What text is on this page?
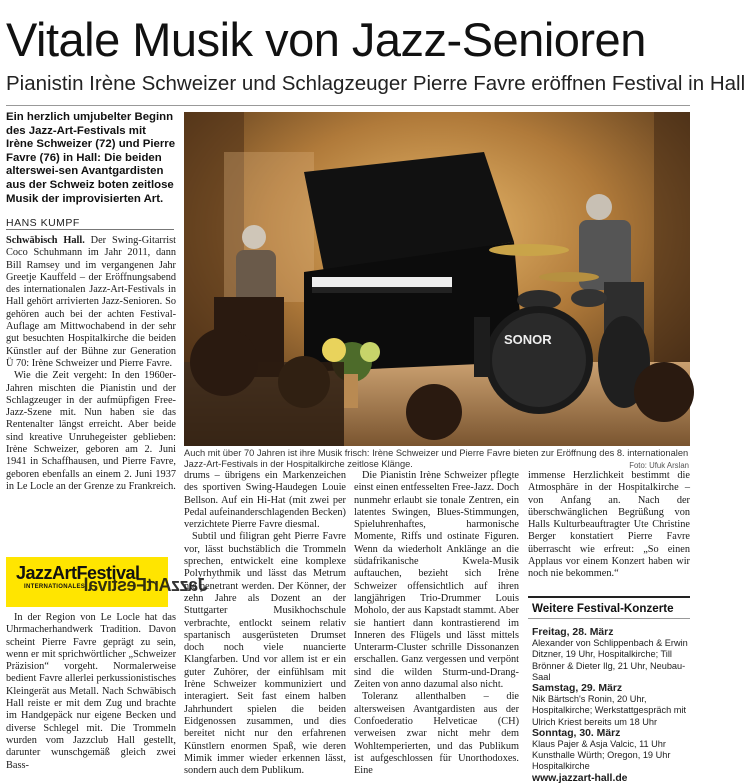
Vitale Musik von Jazz-Senioren
Pianistin Irène Schweizer und Schlagzeuger Pierre Favre eröffnen Festival in Hall

Ein herzlich umjubelter Beginn des Jazz-Art-Festivals mit Irène Schweizer (72) und Pierre Favre (76) in Hall: Die beiden alterswei-sen Avantgardisten aus der Schweiz boten zeitlose Musik der improvisierten Art.

HANS KUMPF

Schwäbisch Hall. Der Swing-Gitarrist Coco Schuhmann im Jahr 2011, dann Bill Ramsey und im vergangenen Jahr Greetje Kauffeld – der Eröffnungsabend des internationalen Jazz-Art-Festivals in Hall gehört arrivierten Jazz-Senioren. So gehören auch bei der achten Festival-Auflage am Mittwochabend in der sehr gut besuchten Hospitalkirche die beiden Künstler auf der Bühne zur Generation Ü 70: Irène Schweizer und Pierre Favre.

Wie die Zeit vergeht: In den 1960er-Jahren mischten die Pianistin und der Schlagzeuger in der aufmüpfigen Free-Jazz-Szene mit. Nun haben sie das Rentenalter längst erreicht. Aber beide sind kreative Unruhegeister geblieben: Irène Schweizer, geboren am 2. Juni 1941 in Schaffhausen, und Pierre Favre, geboren ebenfalls an einem 2. Juni 1937 in Le Locle an der Grenze zu Frankreich.

JazzArtFestival
JazzArtFestival
INTERNATIONALES

In der Region von Le Locle hat das Uhrmacherhandwerk Tradition. Davon scheint Pierre Favre geprägt zu sein, wenn er mit sprichwörtlicher „Schweizer Präzision“ vorgeht. Normalerweise bedient Favre allerlei perkussionistisches Kleingerät aus Metall. Nach Schwäbisch Hall reiste er mit dem Zug und brachte im Handgepäck nur eigene Becken und diverse Schlegel mit. Die Trommeln wurden vom Jazzclub Hall gestellt, darunter wunschgemäß gleich zwei Bass-

SONOR
Auch mit über 70 Jahren ist ihre Musik frisch: Irène Schweizer und Pierre Favre bieten zur Eröffnung des 8. internationalen Jazz-Art-Festivals in der Hospitalkirche zeitlose Klänge.	Foto: Ufuk Arslan

drums – übrigens ein Markenzeichen des sportiven Swing-Haudegen Louie Bellson. Auf ein Hi-Hat (mit zwei per Pedal aufeinanderschlagenden Becken) verzichtete Pierre Favre diesmal.

Subtil und filigran geht Pierre Favre vor, lässt buchstäblich die Trommeln sprechen, entwickelt eine komplexe Polyrhythmik und lässt das Metrum nie penetrant werden. Der Könner, der zehn Jahre als Dozent an der Stuttgarter Musikhochschule verbrachte, entlockt seinem relativ spartanisch ausgerüsteten Drumset doch noch viele nuancierte Klangfarben. Und vor allem ist er ein guter Zuhörer, der einfühlsam mit Irène Schweizer kommuniziert und interagiert. Seit fast einem halben Jahrhundert spielen die beiden Eidgenossen zusammen, und dies bereitet nicht nur den erfahrenen Künstlern enormen Spaß, wie deren Mimik immer wieder erkennen lässt, sondern auch dem Publikum.

Die Pianistin Irène Schweizer pflegte einst einen entfesselten Free-Jazz. Doch nunmehr erlaubt sie tonale Zentren, ein latentes Swingen, Blues-Stimmungen, Spieluhrenhaftes, harmonische Momente, Riffs und ostinate Figuren. Wenn da wiederholt Anklänge an die südafrikanische Kwela-Musik auftauchen, bezieht sich Irène Schweizer offensichtlich auf ihren langjährigen Trio-Drummer Louis Moholo, der aus Kapstadt stammt. Aber sie hantiert dann kontrastierend im Inneren des Flügels und lässt mittels Unterarm-Cluster schrille Dissonanzen erschallen. Ganz vergessen und verpönt sind die wilden Sturm-und-Drang-Zeiten von anno dazumal also nicht.

Toleranz allenthalben – die altersweisen Avantgardisten aus der Confoederatio Helveticae (CH) verweisen zwar nicht mehr dem Wohltemperierten, und das Publikum ist aufgeschlossen für Unorthodoxes. Eine

immense Herzlichkeit bestimmt die Atmosphäre in der Hospitalkirche – von Anfang an. Nach der überschwänglichen Begrüßung von Halls Kulturbeauftragter Ute Christine Berger konstatiert Pierre Favre überrascht wie erfreut: „So einen Applaus vor einem Konzert haben wir noch nie bekommen.“

Weitere Festival-Konzerte

Freitag, 28. März
Alexander von Schlippenbach & Erwin Ditzner, 19 Uhr, Hospitalkirche; Till Brönner & Dieter Ilg, 21 Uhr, Neubau-Saal
Samstag, 29. März
Nik Bärtsch's Ronin, 20 Uhr, Hospitalkirche; Werkstattgespräch mit Ulrich Kriest bereits um 18 Uhr
Sonntag, 30. März
Klaus Pajer & Asja Valcic, 11 Uhr Kunsthalle Würth; Oregon, 19 Uhr Hospitalkirche
www.jazzart-hall.de
